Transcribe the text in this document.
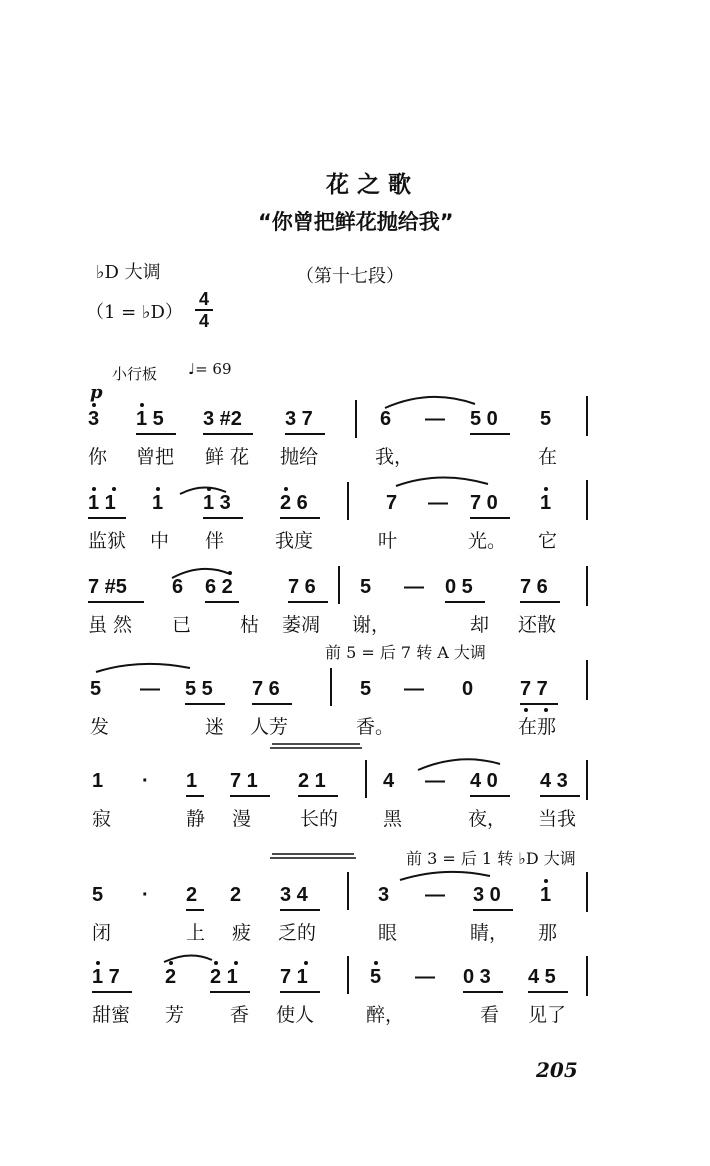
花 之 歌
“你曾把鲜花抛给我”
♭D 大调	（第十七段）
（1 = ♭D）
4
4
小行板 ♩= 69
p
3 1 5 3 #2 3 7	6 — 5 0 5
你 曾把 鲜 花 抛给	我，	在
1 1 1 1 3 2 6	7 — 7 0 1
监狱 中 伴	我度	叶	光。 它
7 #5 6 6 2	7 6 5 — 0 5 7 6
虽 然 已	枯 萎凋 谢，	却 还散
前 5 = 后 7 转 A 大调
5 — 5 5 7 6	5 — 0 7 7
发	迷 人芳	香。	在那
1 · 1 7 1 2 1	4 — 4 0 4 3
寂	静 漫	长的 黑	夜， 当我
前 3 = 后 1 转 ♭D 大调
5 · 2 2 3 4	3 — 3 0 1
闭	上 疲 乏的	眼	睛， 那
1 7 2 2 1 7 1	5 — 0 3 4 5
甜蜜 芳 香 使人	醉，	看 见了
205
